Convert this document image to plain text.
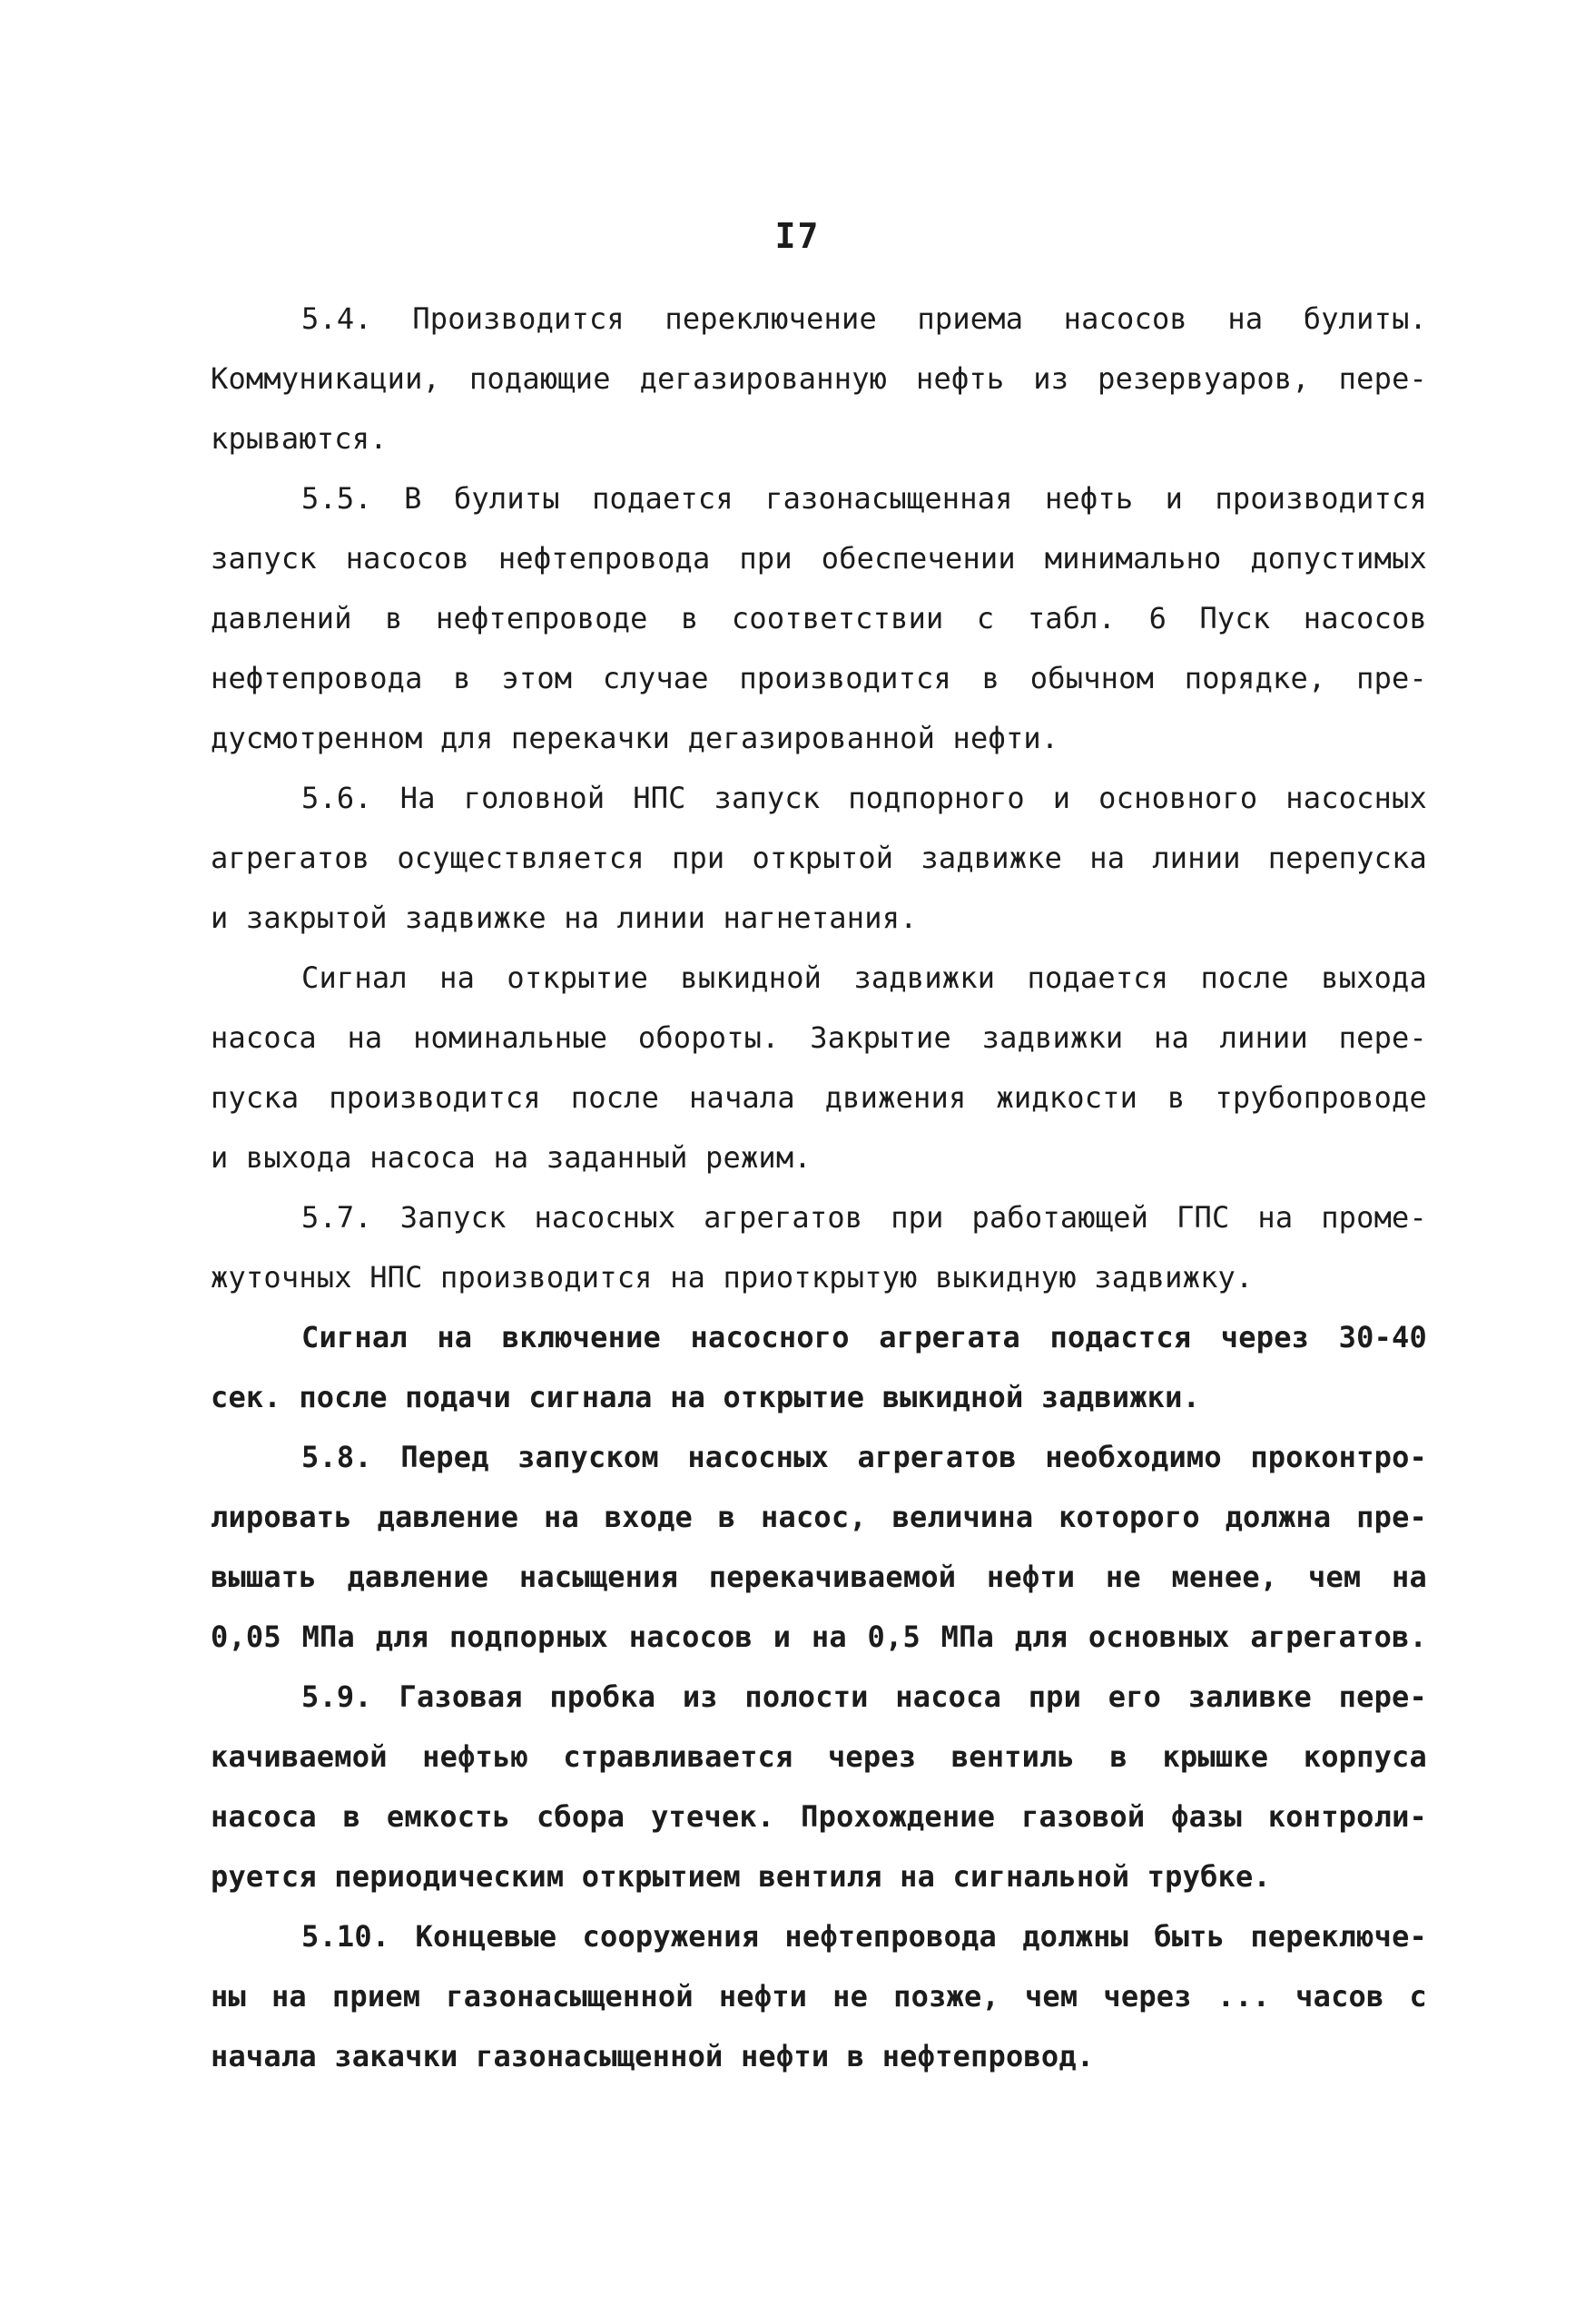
I7
5.4. Производится переключение приема насосов на булиты.
Коммуникации, подающие дегазированную нефть из резервуаров, пере-
крываются.
5.5. В булиты подается газонасыщенная нефть и производится
запуск насосов нефтепровода при обеспечении минимально допустимых
давлений в нефтепроводе в соответствии с табл. 6 Пуск насосов
нефтепровода в этом случае производится в обычном порядке, пре-
дусмотренном для перекачки дегазированной нефти.
5.6. На головной НПС запуск подпорного и основного насосных
агрегатов осуществляется при открытой задвижке на линии перепуска
и закрытой задвижке на линии нагнетания.
Сигнал на открытие выкидной задвижки подается после выхода
насоса на номинальные обороты. Закрытие задвижки на линии пере-
пуска производится после начала движения жидкости в трубопроводе
и выхода насоса на заданный режим.
5.7. Запуск насосных агрегатов при работающей ГПС на проме-
жуточных НПС производится на приоткрытую выкидную задвижку.
Сигнал на включение насосного агрегата подастся через 30-40
сек. после подачи сигнала на открытие выкидной задвижки.
5.8. Перед запуском насосных агрегатов необходимо проконтро-
лировать давление на входе в насос, величина которого должна пре-
вышать давление насыщения перекачиваемой нефти не менее, чем на
0,05 МПа для подпорных насосов и на 0,5 МПа для основных агрегатов.
5.9. Газовая пробка из полости насоса при его заливке пере-
качиваемой нефтью стравливается через вентиль в крышке корпуса
насоса в емкость сбора утечек. Прохождение газовой фазы контроли-
руется периодическим открытием вентиля на сигнальной трубке.
5.10. Концевые сооружения нефтепровода должны быть переключе-
ны на прием газонасыщенной нефти не позже, чем через ... часов с
начала закачки газонасыщенной нефти в нефтепровод.
